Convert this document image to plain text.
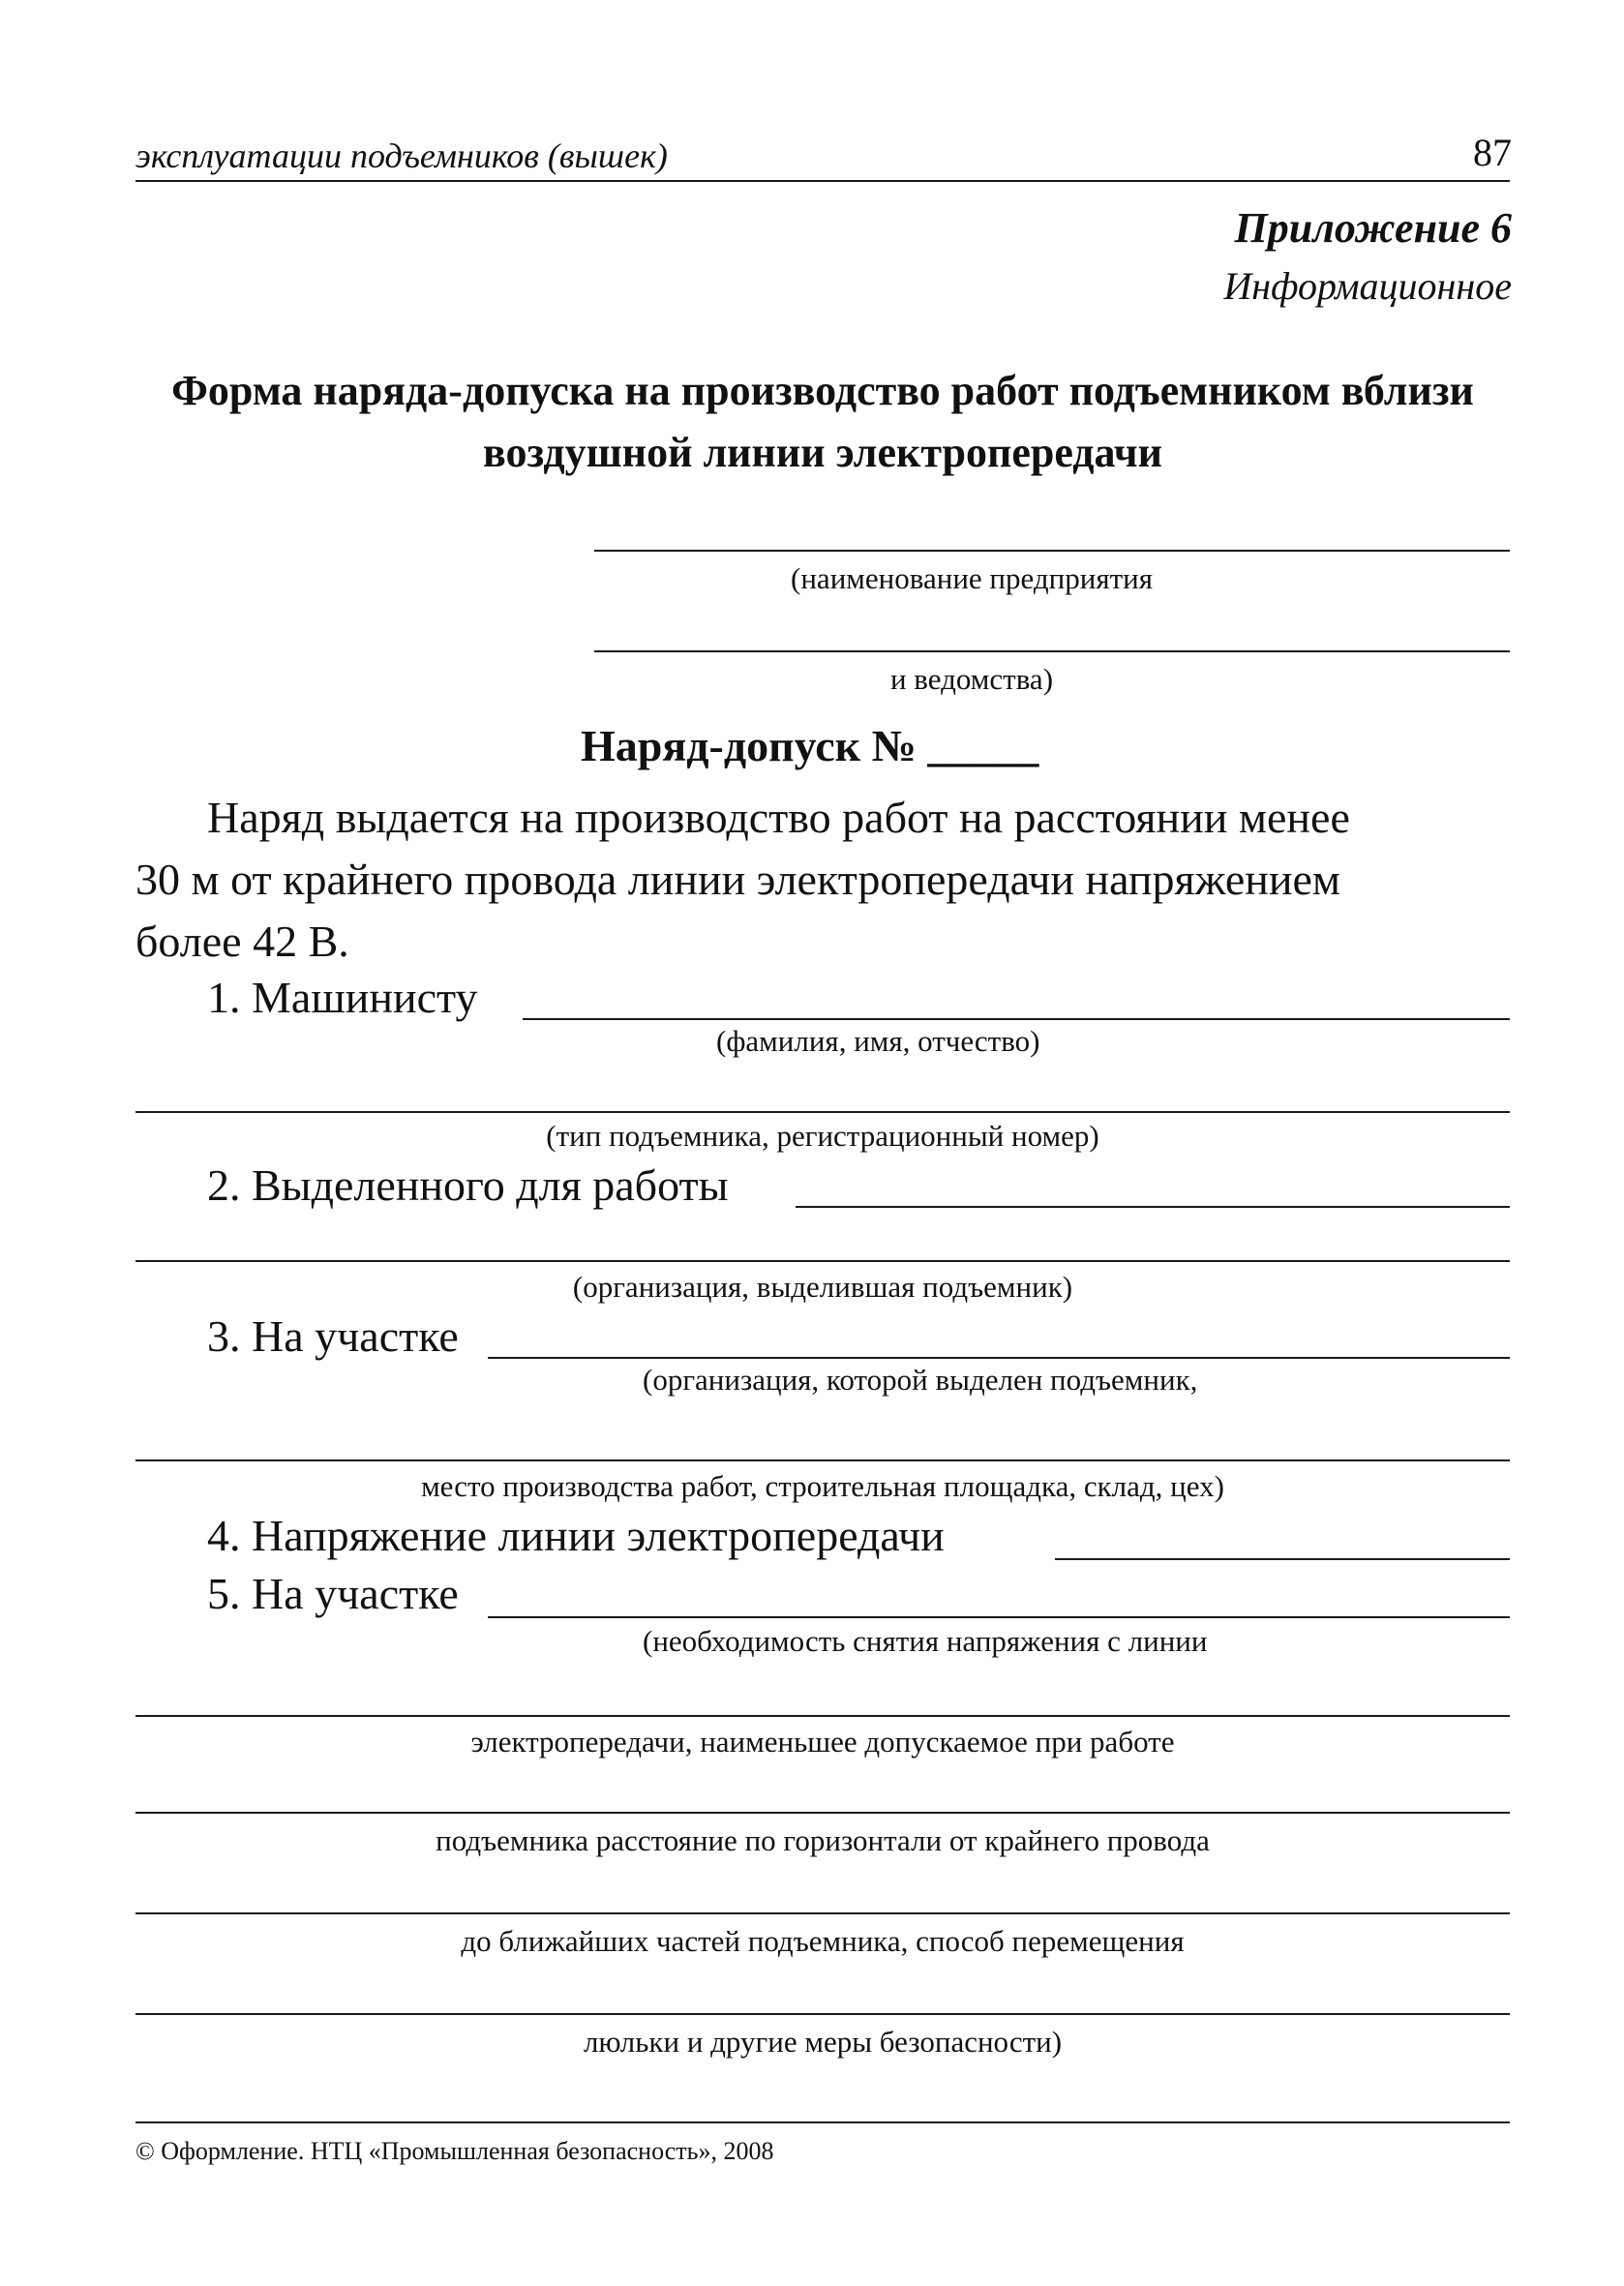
эксплуатации подъемников (вышек)	87
Приложение 6
Информационное
Форма наряда-допуска на производство работ подъемником вблизи воздушной линии электропередачи
(наименование предприятия
и ведомства)
Наряд-допуск № _____
Наряд выдается на производство работ на расстоянии менее
30 м от крайнего провода линии электропередачи напряжением
более 42 В.
1. Машинисту
(фамилия, имя, отчество)
(тип подъемника, регистрационный номер)
2. Выделенного для работы
(организация, выделившая подъемник)
3. На участке
(организация, которой выделен подъемник,
место производства работ, строительная площадка, склад, цех)
4. Напряжение линии электропередачи
5. На участке
(необходимость снятия напряжения с линии
электропередачи, наименьшее допускаемое при работе
подъемника расстояние по горизонтали от крайнего провода
до ближайших частей подъемника, способ перемещения
люльки и другие меры безопасности)
© Оформление. НТЦ «Промышленная безопасность», 2008
